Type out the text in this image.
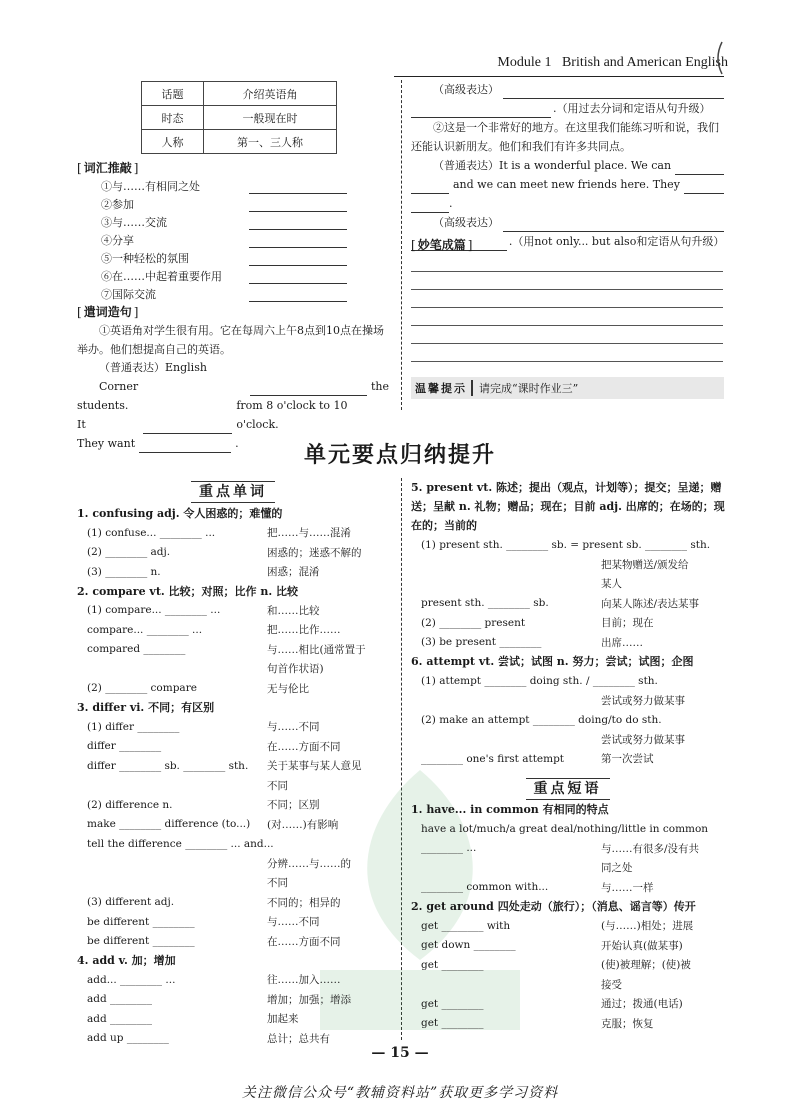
Module 1 British and American English
话题	介绍英语角
时态	一般现在时
人称	第一、三人称
[ 词汇推敲 ]
①与……有相同之处
②参加
③与……交流
④分享
⑤一种轻松的氛围
⑥在……中起着重要作用
⑦国际交流
[ 遣词造句 ]
①英语角对学生很有用。它在每周六上午8点到10点在操场举办。他们想提高自己的英语。
（普通表达）English Corner	the
students. It
from 8 o'clock to 10 o'clock.
They want	.
（高级表达）
.（用过去分词和定语从句升级）
②这是一个非常好的地方。在这里我们能练习听和说，我们还能认识新朋友。他们和我们有许多共同点。
（普通表达）It is a wonderful place. We can
and we can meet new friends here. They
.
（高级表达）
.（用not only... but also和定语从句升级）
[ 妙笔成篇 ]
温馨提示	请完成“课时作业三”
单元要点归纳提升
重点单词
重点短语
1. confusing adj. 令人困惑的；难懂的
(1) confuse... ________ ...	把……与……混淆
(2) ________ adj.	困惑的；迷惑不解的
(3) ________ n.	困惑；混淆
2. compare vt. 比较；对照；比作 n. 比较
(1) compare... ________ ...	和……比较
compare... ________ ...	把……比作……
compared ________	与……相比(通常置于
句首作状语)
(2) ________ compare	无与伦比
3. differ vi. 不同；有区别
(1) differ ________	与……不同
differ ________	在……方面不同
differ ________ sb. ________ sth. 关于某事与某人意见
不同
(2) difference n.	不同；区别
make ________ difference (to...) (对……)有影响
tell the difference ________ ... and...
分辨……与……的
不同
(3) different adj.	不同的；相异的
be different ________	与……不同
be different ________	在……方面不同
4. add v. 加；增加
add... ________ ...	往……加入……
add ________	增加；加强；增添
add ________	加起来
add up ________	总计；总共有
— 15 —
关注微信公众号“教辅资料站”获取更多学习资料
5. present vt. 陈述；提出（观点，计划等）；提交；呈递；赠送；呈献 n. 礼物；赠品；现在；目前 adj. 出席的；在场的；现在的；当前的
(1) present sth. ________ sb. = present sb. ________ sth.
把某物赠送/颁发给
某人
present sth. ________ sb.	向某人陈述/表达某事
(2) ________ present	目前；现在
(3) be present ________	出席……
6. attempt vt. 尝试；试图 n. 努力；尝试；试图；企图
(1) attempt ________ doing sth. / ________ sth.
尝试或努力做某事
(2) make an attempt ________ doing/to do sth.
尝试或努力做某事
________ one's first attempt	第一次尝试
1. have... in common 有相同的特点
have a lot/much/a great deal/nothing/little in common
________ ...	与……有很多/没有共
同之处
________ common with...	与……一样
2. get around 四处走动（旅行）；（消息、谣言等）传开
get ________ with	(与……)相处；进展
get down ________	开始认真(做某事)
get ________	(使)被理解；(使)被
接受
get ________	通过；拨通(电话)
get ________	克服；恢复
